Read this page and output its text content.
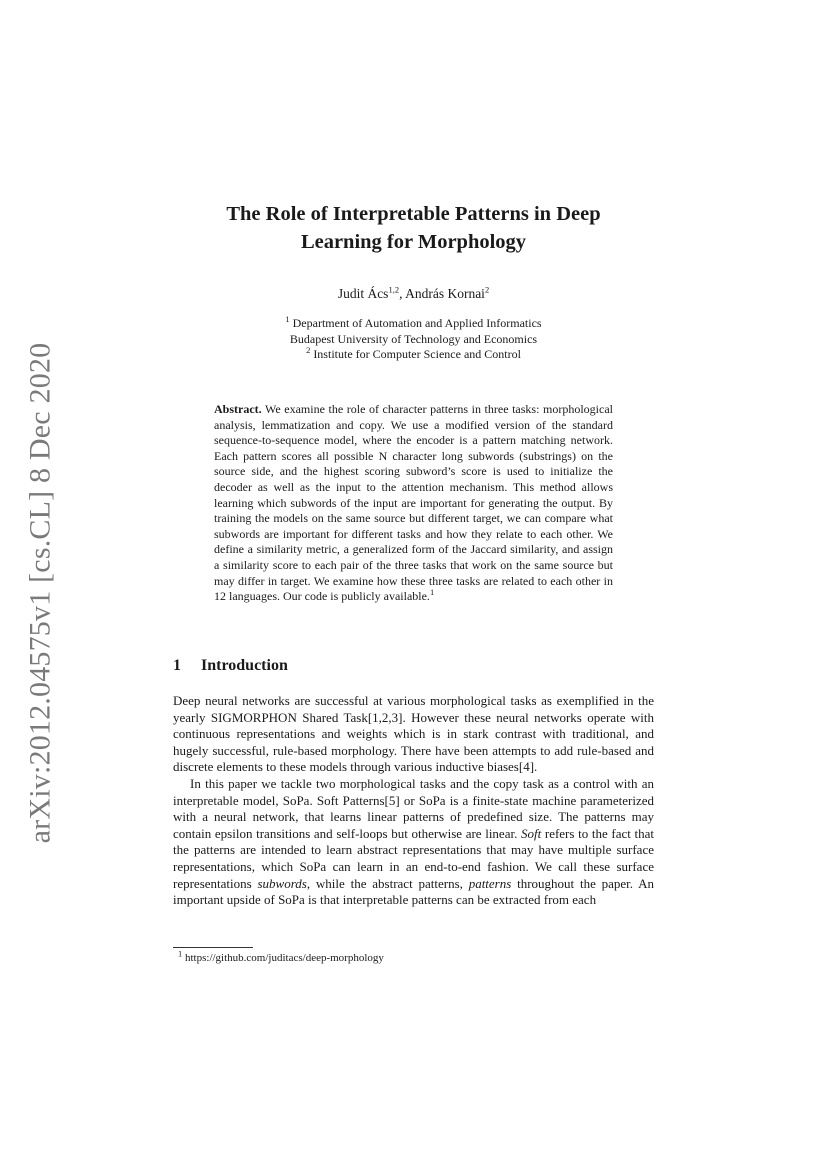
arXiv:2012.04575v1 [cs.CL] 8 Dec 2020
The Role of Interpretable Patterns in Deep
Learning for Morphology
Judit Ács$^{1,2}$, András Kornai$^2$
$^1$ Department of Automation and Applied Informatics
Budapest University of Technology and Economics
$^2$ Institute for Computer Science and Control

Abstract. We examine the role of character patterns in three tasks: morphological analysis, lemmatization and copy. We use a modified version of the standard sequence-to-sequence model, where the encoder is a pattern matching network. Each pattern scores all possible N character long subwords (substrings) on the source side, and the highest scoring subword’s score is used to initialize the decoder as well as the input to the attention mechanism. This method allows learning which subwords of the input are important for generating the output. By training the models on the same source but different target, we can compare what subwords are important for different tasks and how they relate to each other. We define a similarity metric, a generalized form of the Jaccard similarity, and assign a similarity score to each pair of the three tasks that work on the same source but may differ in target. We examine how these three tasks are related to each other in 12 languages. Our code is publicly available.$^1$

1 Introduction

Deep neural networks are successful at various morphological tasks as exemplified in the yearly SIGMORPHON Shared Task[1,2,3]. However these neural networks operate with continuous representations and weights which is in stark contrast with traditional, and hugely successful, rule-based morphology. There have been attempts to add rule-based and discrete elements to these models through various inductive biases[4].

In this paper we tackle two morphological tasks and the copy task as a control with an interpretable model, SoPa. Soft Patterns[5] or SoPa is a finite-state machine parameterized with a neural network, that learns linear patterns of predefined size. The patterns may contain epsilon transitions and self-loops but otherwise are linear. Soft refers to the fact that the patterns are intended to learn abstract representations that may have multiple surface representations, which SoPa can learn in an end-to-end fashion. We call these surface representations subwords, while the abstract patterns, patterns throughout the paper. An important upside of SoPa is that interpretable patterns can be extracted from each

$^1$ https://github.com/juditacs/deep-morphology
